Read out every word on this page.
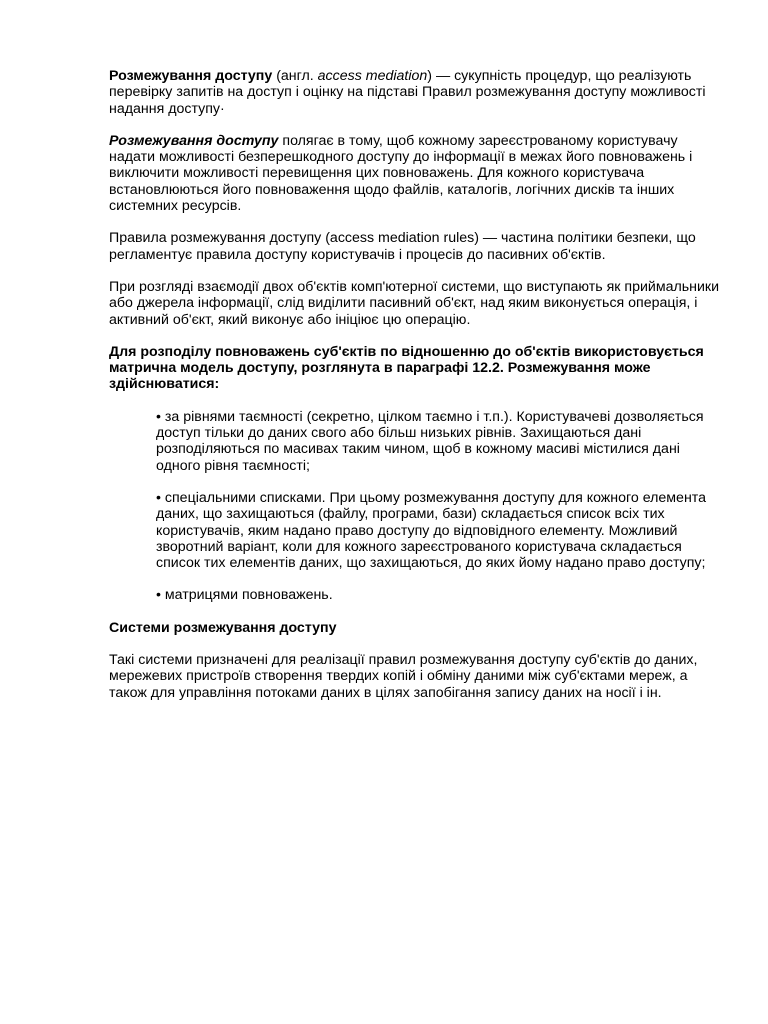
Розмежування доступу (англ. access mediation) — сукупність процедур, що реалізують перевірку запитів на доступ і оцінку на підставі Правил розмежування доступу можливості надання доступу·

Розмежування доступу полягає в тому, щоб кожному зареєстрованому користувачу надати можливості безперешкодного доступу до інформації в межах його повноважень і виключити можливості перевищення цих повноважень. Для кожного користувача встановлюються його повноваження щодо файлів, каталогів, логічних дисків та інших системних ресурсів.

Правила розмежування доступу (access mediation rules) — частина політики безпеки, що регламентує правила доступу користувачів і процесів до пасивних об'єктів.

При розгляді взаємодії двох об'єктів комп'ютерної системи, що виступають як приймальники або джерела інформації, слід виділити пасивний об'єкт, над яким виконується операція, і активний об'єкт, який виконує або ініціює цю операцію.

Для розподілу повноважень суб'єктів по відношенню до об'єктів використовується матрична модель доступу, розглянута в параграфі 12.2. Розмежування може здійснюватися:

• за рівнями таємності (секретно, цілком таємно і т.п.). Користувачеві дозволяється доступ тільки до даних свого або більш низьких рівнів. Захищаються дані розподіляються по масивах таким чином, щоб в кожному масиві містилися дані одного рівня таємності;

• спеціальними списками. При цьому розмежування доступу для кожного елемента даних, що захищаються (файлу, програми, бази) складається список всіх тих користувачів, яким надано право доступу до відповідного елементу. Можливий зворотний варіант, коли для кожного зареєстрованого користувача складається список тих елементів даних, що захищаються, до яких йому надано право доступу;

• матрицями повноважень.

Системи розмежування доступу

Такі системи призначені для реалізації правил розмежування доступу суб'єктів до даних, мережевих пристроїв створення твердих копій і обміну даними між суб'єктами мереж, а також для управління потоками даних в цілях запобігання запису даних на носії і ін.
